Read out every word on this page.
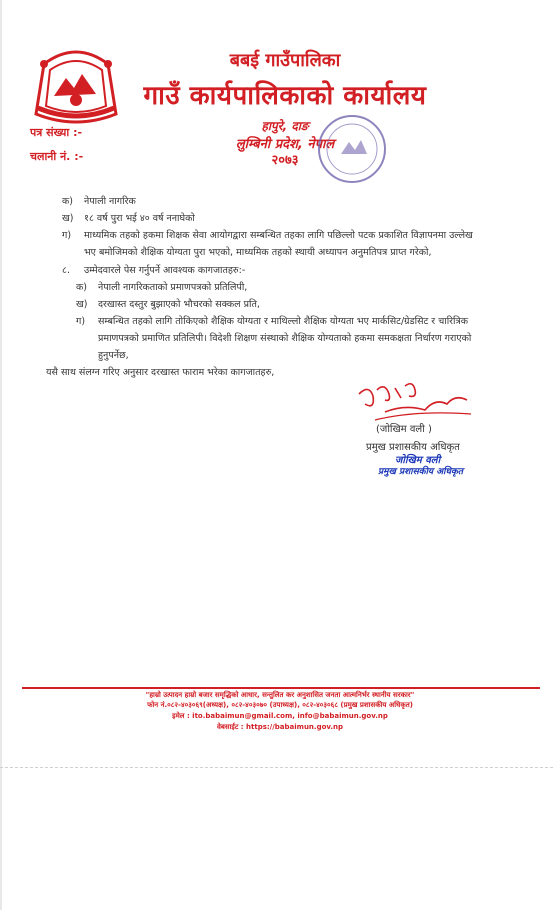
बबई गाउँपालिका
गाउँ कार्यपालिकाको कार्यालय
हापुरे, दाङ
लुम्बिनी प्रदेश, नेपाल
२०७३
पत्र संख्या :-
चलानी नं. :-
क)	नेपाली नागरिक
ख)	१८ वर्ष पुरा भई ४० वर्ष ननाघेको
ग)	माध्यमिक तहको हकमा शिक्षक सेवा आयोगद्वारा सम्बन्धित तहका लागि पछिल्लो पटक प्रकाशित विज्ञापनमा उल्लेख भए बमोजिमको शैक्षिक योग्यता पुरा भएको, माध्यमिक तहको स्थायी अध्यापन अनुमतिपत्र प्राप्त गरेको,
८.	उम्मेदवारले पेस गर्नुपर्ने आवश्यक कागजातहरु:-
क)	नेपाली नागरिकताको प्रमाणपत्रको प्रतिलिपी,
ख)	दरखास्त दस्तुर बुझाएको भौचरको सक्कल प्रति,
ग)	सम्बन्धित तहको लागि तोकिएको शैक्षिक योग्यता र माथिल्लो शैक्षिक योग्यता भए मार्कसिट/ग्रेडसिट र चारित्रिक प्रमाणपत्रको प्रमाणित प्रतिलिपी। विदेशी शिक्षण संस्थाको शैक्षिक योग्यताको हकमा समकक्षता निर्धारण गराएको हुनुपर्नेछ,
यसै साथ संलग्न गरिए अनुसार दरखास्त फाराम भरेका कागजातहरु,
(जोखिम वली )
प्रमुख प्रशासकीय अधिकृत
जोखिम वली
प्रमुख प्रशासकीय अधिकृत
"हाम्रो उत्पादन हाम्रो बजार समृद्धिको आधार, सन्तुलित कर अनुशासित जनता आत्मनिर्भर स्थानीय सरकार"
फोन नं.०८२-४०३०६९(अध्यक्ष), ०८२-४०३०७० (उपाध्यक्ष), ०८२-४०३०६८ (प्रमुख प्रशासकीय अधिकृत)
इमेल : ito.babaimun@gmail.com, info@babaimun.gov.np
वेबसाईट : https://babaimun.gov.np
